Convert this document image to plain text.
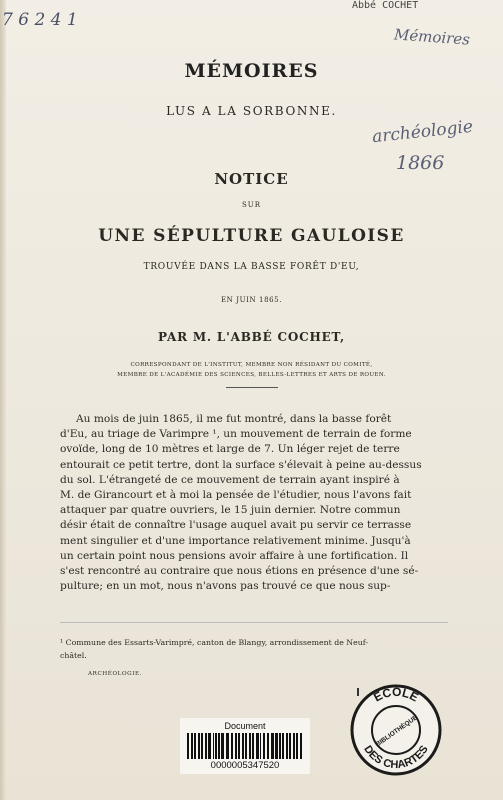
7 6 2 4 1
Abbé COCHET
Mémoires
archéologie
1866
MÉMOIRES
LUS A LA SORBONNE.
NOTICE
SUR
UNE SÉPULTURE GAULOISE
TROUVÉE DANS LA BASSE FORÊT D'EU,
EN JUIN 1865.
PAR M. L'ABBÉ COCHET,
CORRESPONDANT DE L'INSTITUT, MEMBRE NON RÉSIDANT DU COMITÉ,
MEMBRE DE L'ACADÉMIE DES SCIENCES, BELLES-LETTRES ET ARTS DE ROUEN.
Au mois de juin 1865, il me fut montré, dans la basse forêt
d'Eu, au triage de Varimpre ¹, un mouvement de terrain de forme
ovoïde, long de 10 mètres et large de 7. Un léger rejet de terre
entourait ce petit tertre, dont la surface s'élevait à peine au-dessus
du sol. L'étrangeté de ce mouvement de terrain ayant inspiré à
M. de Girancourt et à moi la pensée de l'étudier, nous l'avons fait
attaquer par quatre ouvriers, le 15 juin dernier. Notre commun
désir était de connaître l'usage auquel avait pu servir ce terrasse
ment singulier et d'une importance relativement minime. Jusqu'à
un certain point nous pensions avoir affaire à une fortification. Il
s'est rencontré au contraire que nous étions en présence d'une sé-
pulture; en un mot, nous n'avons pas trouvé ce que nous sup-
¹ Commune des Essarts-Varimpré, canton de Blangy, arrondissement de Neuf-
châtel.
ARCHÉOLOGIE.
Document
0000005347520
ÉCOLE
DES CHARTES
BIBLIOTHÈQUE
